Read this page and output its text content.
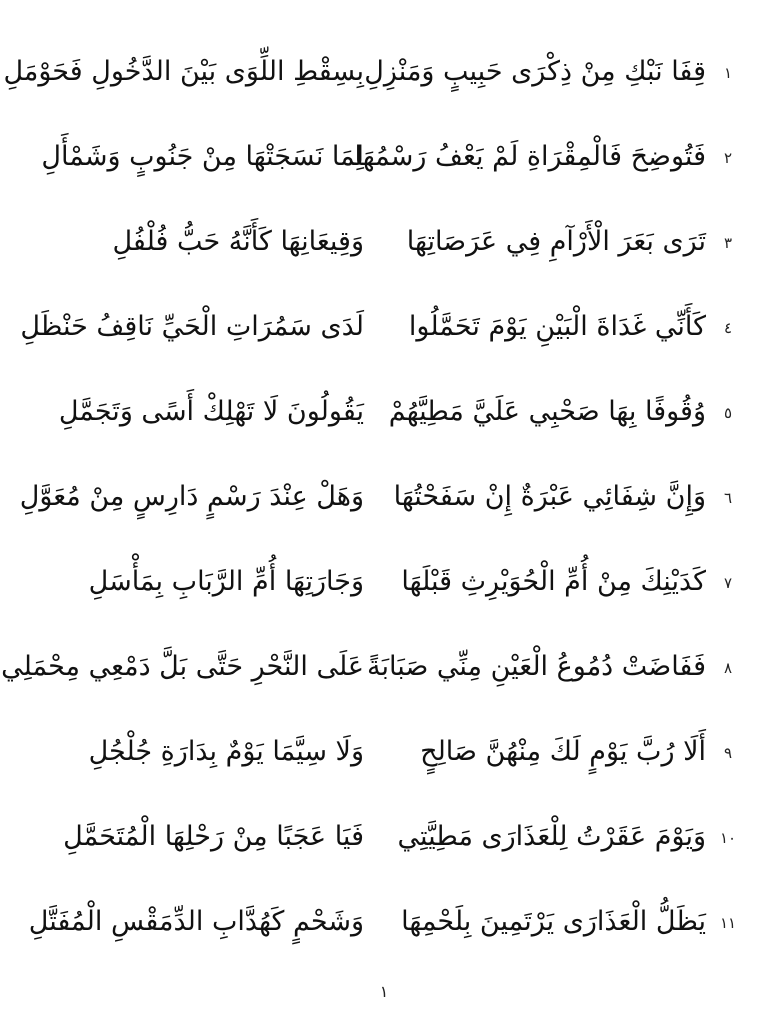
١
قِفَا نَبْكِ مِنْ ذِكْرَى حَبِيبٍ وَمَنْزِلِ
بِسِقْطِ اللِّوَى بَيْنَ الدَّخُولِ فَحَوْمَلِ
٢
فَتُوضِحَ فَالْمِقْرَاةِ لَمْ يَعْفُ رَسْمُهَا
لِمَا نَسَجَتْهَا مِنْ جَنُوبٍ وَشَمْأَلِ
٣
تَرَى بَعَرَ الْأَرْآمِ فِي عَرَصَاتِهَا
وَقِيعَانِهَا كَأَنَّهُ حَبُّ فُلْفُلِ
٤
كَأَنِّي غَدَاةَ الْبَيْنِ يَوْمَ تَحَمَّلُوا
لَدَى سَمُرَاتِ الْحَيِّ نَاقِفُ حَنْظَلِ
٥
وُقُوفًا بِهَا صَحْبِي عَلَيَّ مَطِيَّهُمْ
يَقُولُونَ لَا تَهْلِكْ أَسًى وَتَجَمَّلِ
٦
وَإِنَّ شِفَائِي عَبْرَةٌ إِنْ سَفَحْتُهَا
وَهَلْ عِنْدَ رَسْمٍ دَارِسٍ مِنْ مُعَوَّلِ
٧
كَدَيْنِكَ مِنْ أُمِّ الْحُوَيْرِثِ قَبْلَهَا
وَجَارَتِهَا أُمِّ الرَّبَابِ بِمَأْسَلِ
٨
فَفَاضَتْ دُمُوعُ الْعَيْنِ مِنِّي صَبَابَةً
عَلَى النَّحْرِ حَتَّى بَلَّ دَمْعِي مِحْمَلِي
٩
أَلَا رُبَّ يَوْمٍ لَكَ مِنْهُنَّ صَالِحٍ
وَلَا سِيَّمَا يَوْمٌ بِدَارَةِ جُلْجُلِ
١٠
وَيَوْمَ عَقَرْتُ لِلْعَذَارَى مَطِيَّتِي
فَيَا عَجَبًا مِنْ رَحْلِهَا الْمُتَحَمَّلِ
١١
يَظَلُّ الْعَذَارَى يَرْتَمِينَ بِلَحْمِهَا
وَشَحْمٍ كَهُدَّابِ الدِّمَقْسِ الْمُفَتَّلِ
١
